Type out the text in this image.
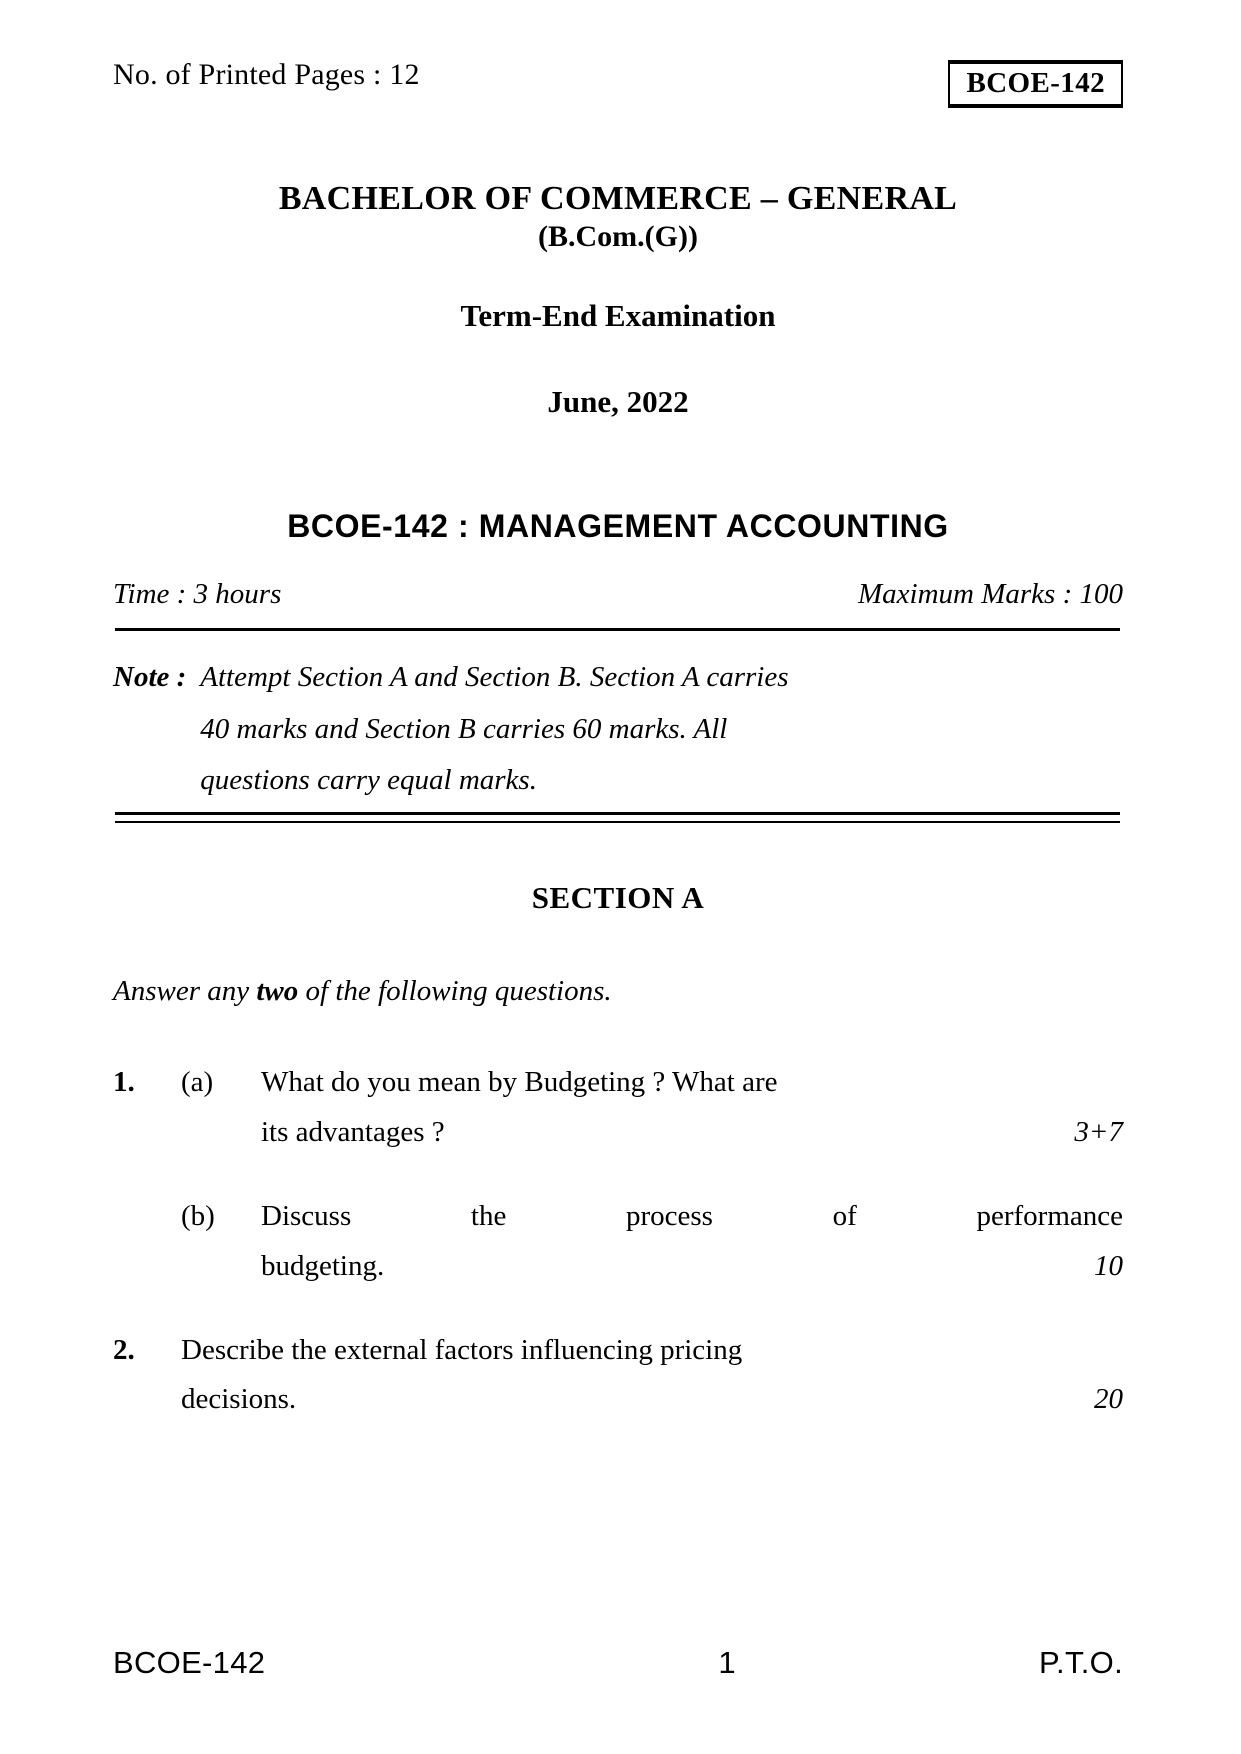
No. of Printed Pages : 12	BCOE-142
BACHELOR OF COMMERCE – GENERAL
(B.Com.(G))
Term-End Examination
June, 2022
BCOE-142 : MANAGEMENT ACCOUNTING
Time : 3 hours	Maximum Marks : 100
Note : Attempt Section A and Section B. Section A carries

40 marks and Section B carries 60 marks. All

questions carry equal marks.

SECTION A
Answer any two of the following questions.
1.	(a)	What do you mean by Budgeting ? What are
its advantages ?	3+7
(b)	Discuss the process of performance
budgeting.	10
2.	Describe the external factors influencing pricing
decisions.	20
BCOE-142	1	P.T.O.
